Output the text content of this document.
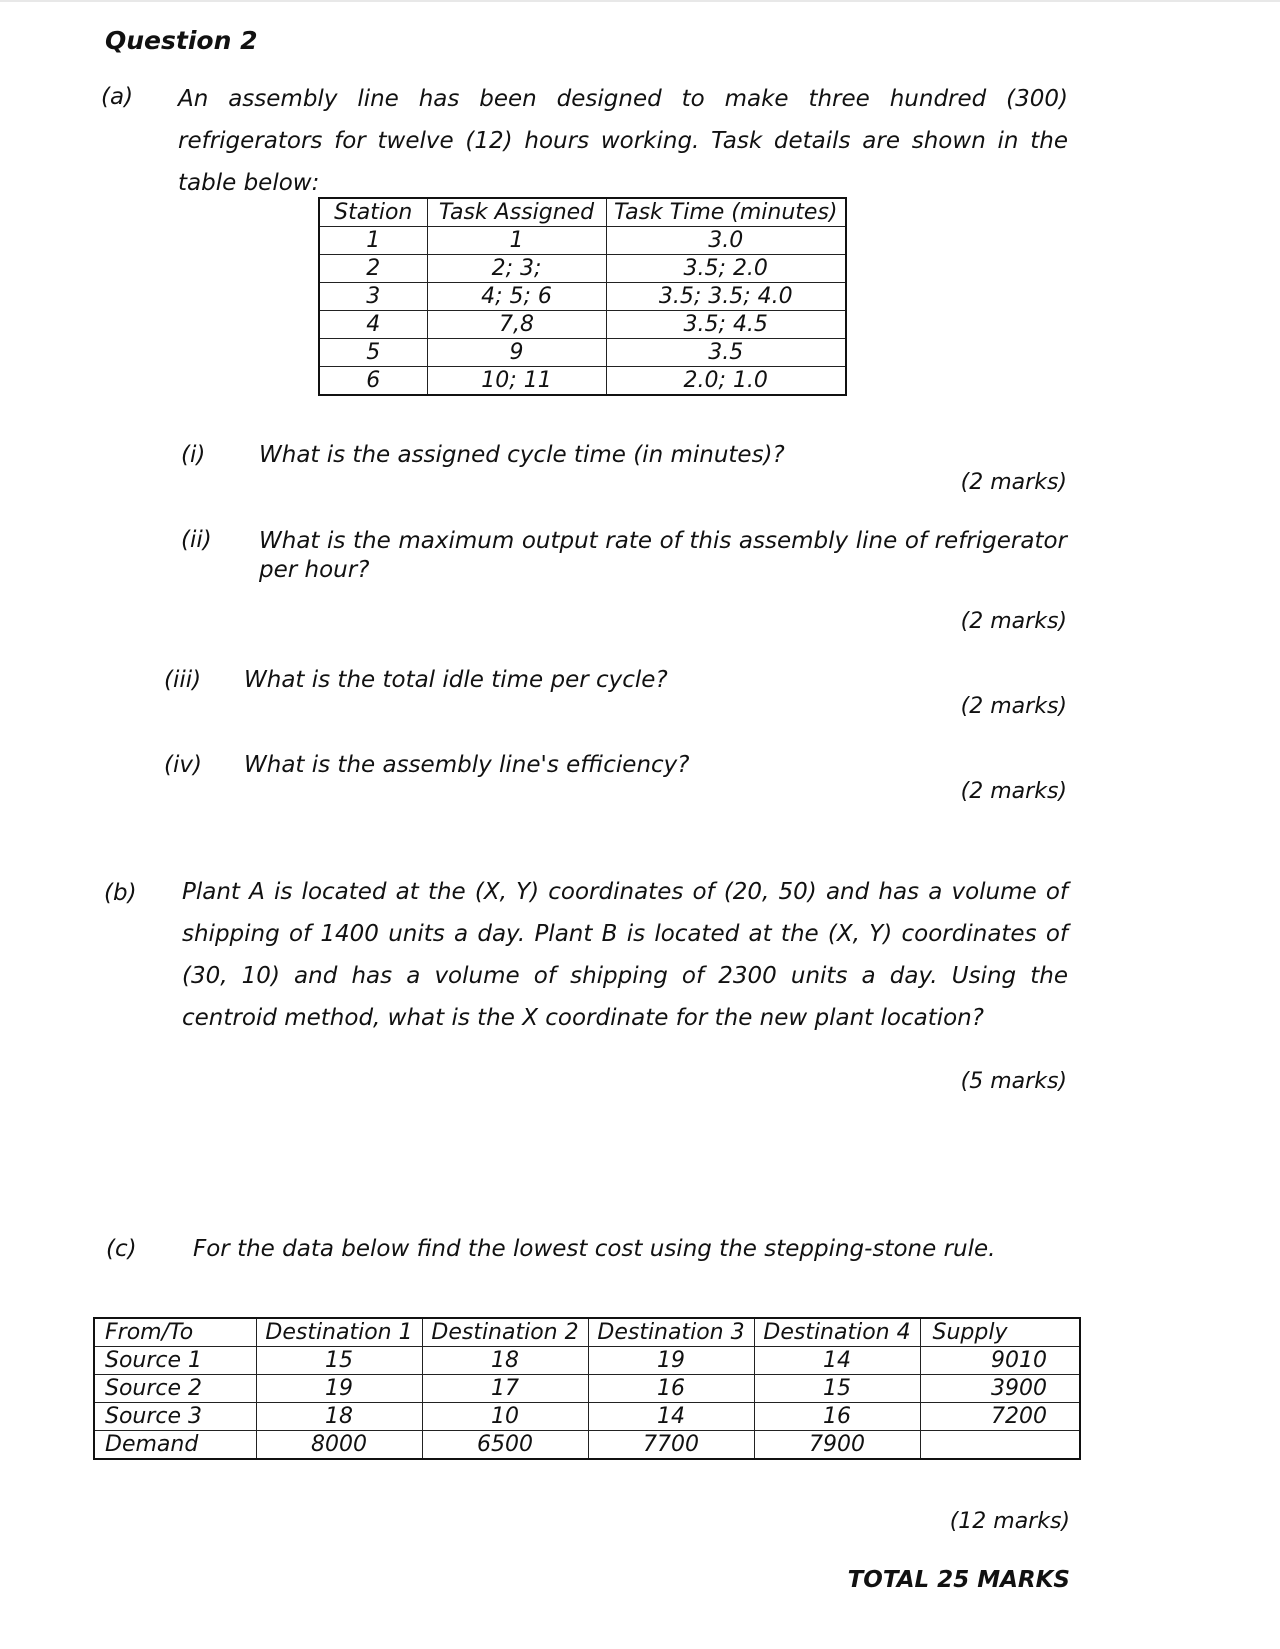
Question 2
(a) An assembly line has been designed to make three hundred (300) refrigerators for twelve (12) hours working. Task details are shown in the table below:
Station	Task Assigned	Task Time (minutes)
1	1	3.0
2	2; 3;	3.5; 2.0
3	4; 5; 6	3.5; 3.5; 4.0
4	7,8	3.5; 4.5
5	9	3.5
6	10; 11	2.0; 1.0
(i) What is the assigned cycle time (in minutes)?
(2 marks)
(ii) What is the maximum output rate of this assembly line of refrigerator per hour?
(2 marks)
(iii) What is the total idle time per cycle?
(2 marks)
(iv) What is the assembly line's efficiency?
(2 marks)
(b) Plant A is located at the (X, Y) coordinates of (20, 50) and has a volume of shipping of 1400 units a day. Plant B is located at the (X, Y) coordinates of (30, 10) and has a volume of shipping of 2300 units a day. Using the centroid method, what is the X coordinate for the new plant location?
(5 marks)
(c) For the data below find the lowest cost using the stepping-stone rule.
From/To	Destination 1	Destination 2	Destination 3	Destination 4	Supply
Source 1	15	18	19	14	9010
Source 2	19	17	16	15	3900
Source 3	18	10	14	16	7200
Demand	8000	6500	7700	7900	
(12 marks)
TOTAL 25 MARKS
